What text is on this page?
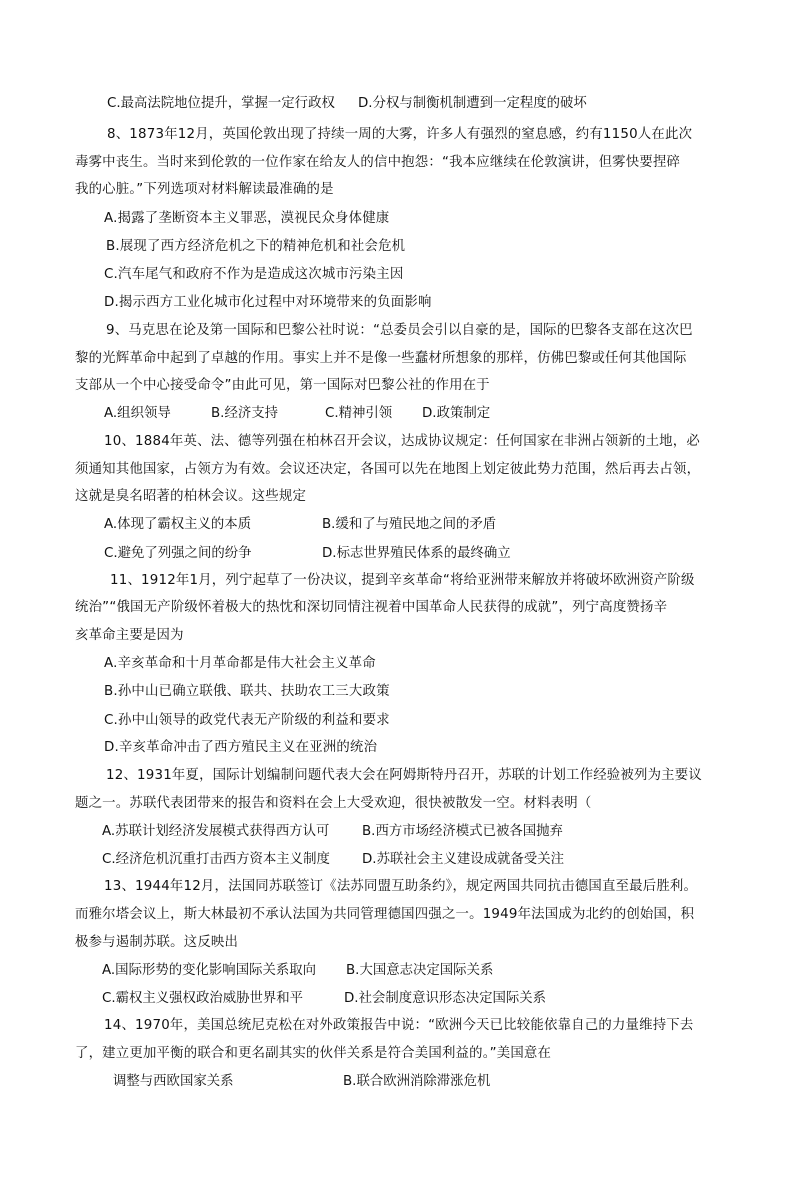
C.最高法院地位提升，掌握一定行政权 D.分权与制衡机制遭到一定程度的破坏
8、1873年12月，英国伦敦出现了持续一周的大雾，许多人有强烈的窒息感，约有1150人在此次
毒雾中丧生。当时来到伦敦的一位作家在给友人的信中抱怨：“我本应继续在伦敦演讲，但雾快要捏碎
我的心脏。”下列选项对材料解读最准确的是
A.揭露了垄断资本主义罪恶，漠视民众身体健康
B.展现了西方经济危机之下的精神危机和社会危机
C.汽车尾气和政府不作为是造成这次城市污染主因
D.揭示西方工业化城市化过程中对环境带来的负面影响
9、马克思在论及第一国际和巴黎公社时说：“总委员会引以自豪的是，国际的巴黎各支部在这次巴
黎的光辉革命中起到了卓越的作用。事实上并不是像一些蠢材所想象的那样，仿佛巴黎或任何其他国际
支部从一个中心接受命令”由此可见，第一国际对巴黎公社的作用在于
A.组织领导	B.经济支持	C.精神引领 D.政策制定
10、1884年英、法、德等列强在柏林召开会议，达成协议规定：任何国家在非洲占领新的土地，必
须通知其他国家，占领方为有效。会议还决定，各国可以先在地图上划定彼此势力范围，然后再去占领，
这就是臭名昭著的柏林会议。这些规定
A.体现了霸权主义的本质	B.缓和了与殖民地之间的矛盾
C.避免了列强之间的纷争	D.标志世界殖民体系的最终确立
11、1912年1月，列宁起草了一份决议，提到辛亥革命“将给亚洲带来解放并将破坏欧洲资产阶级
统治”“俄国无产阶级怀着极大的热忱和深切同情注视着中国革命人民获得的成就”，列宁高度赞扬辛
亥革命主要是因为
A.辛亥革命和十月革命都是伟大社会主义革命
B.孙中山已确立联俄、联共、扶助农工三大政策
C.孙中山领导的政党代表无产阶级的利益和要求
D.辛亥革命冲击了西方殖民主义在亚洲的统治
12、1931年夏，国际计划编制问题代表大会在阿姆斯特丹召开，苏联的计划工作经验被列为主要议
题之一。苏联代表团带来的报告和资料在会上大受欢迎，很快被散发一空。材料表明（
A.苏联计划经济发展模式获得西方认可 B.西方市场经济模式已被各国抛弃
C.经济危机沉重打击西方资本主义制度 D.苏联社会主义建设成就备受关注
13、1944年12月，法国同苏联签订《法苏同盟互助条约》，规定两国共同抗击德国直至最后胜利。
而雅尔塔会议上，斯大林最初不承认法国为共同管理德国四强之一。1949年法国成为北约的创始国，积
极参与遏制苏联。这反映出
A.国际形势的变化影响国际关系取向 B.大国意志决定国际关系
C.霸权主义强权政治威胁世界和平	D.社会制度意识形态决定国际关系
14、1970年，美国总统尼克松在对外政策报告中说：“欧洲今天已比较能依靠自己的力量维持下去
了，建立更加平衡的联合和更名副其实的伙伴关系是符合美国利益的。”美国意在
调整与西欧国家关系	B.联合欧洲消除滞涨危机
